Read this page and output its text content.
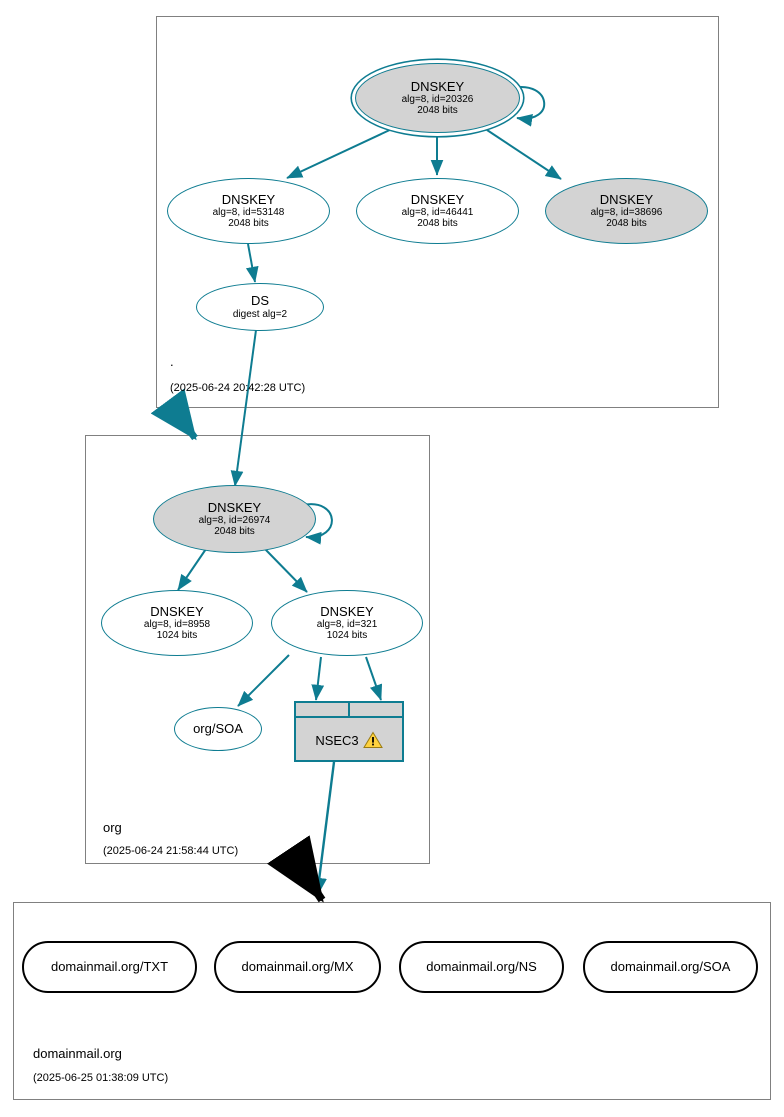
DNSKEY
alg=8, id=20326
2048 bits
DNSKEY
alg=8, id=53148
2048 bits
DNSKEY
alg=8, id=46441
2048 bits
DNSKEY
alg=8, id=38696
2048 bits
DS
digest alg=2
.
(2025-06-24 20:42:28 UTC)
DNSKEY
alg=8, id=26974
2048 bits
DNSKEY
alg=8, id=8958
1024 bits
DNSKEY
alg=8, id=321
1024 bits
org/SOA
NSEC3
org
(2025-06-24 21:58:44 UTC)
domainmail.org/TXT	domainmail.org/MX	domainmail.org/NS	domainmail.org/SOA
domainmail.org
(2025-06-25 01:38:09 UTC)
